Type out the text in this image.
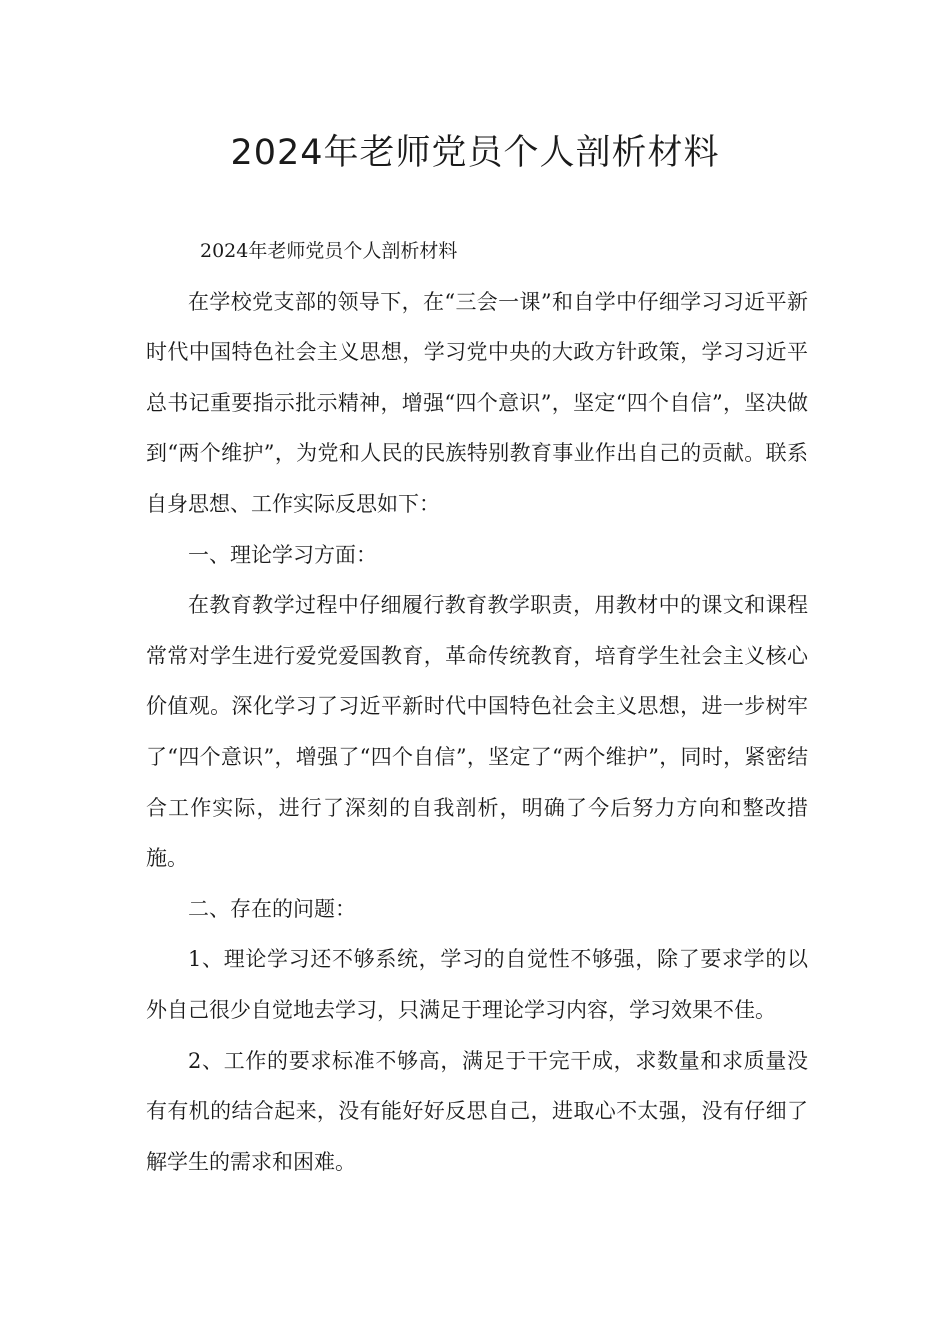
2024年老师党员个人剖析材料

2024年老师党员个人剖析材料

在学校党支部的领导下，在“三会一课”和自学中仔细学习习近平新时代中国特色社会主义思想，学习党中央的大政方针政策，学习习近平总书记重要指示批示精神，增强“四个意识”，坚定“四个自信”，坚决做到“两个维护”，为党和人民的民族特别教育事业作出自己的贡献。联系自身思想、工作实际反思如下：

一、理论学习方面：

在教育教学过程中仔细履行教育教学职责，用教材中的课文和课程常常对学生进行爱党爱国教育，革命传统教育，培育学生社会主义核心价值观。深化学习了习近平新时代中国特色社会主义思想，进一步树牢了“四个意识”，增强了“四个自信”，坚定了“两个维护”，同时，紧密结合工作实际，进行了深刻的自我剖析，明确了今后努力方向和整改措施。

二、存在的问题：

1、理论学习还不够系统，学习的自觉性不够强，除了要求学的以外自己很少自觉地去学习，只满足于理论学习内容，学习效果不佳。

2、工作的要求标准不够高，满足于干完干成，求数量和求质量没有有机的结合起来，没有能好好反思自己，进取心不太强，没有仔细了解学生的需求和困难。
